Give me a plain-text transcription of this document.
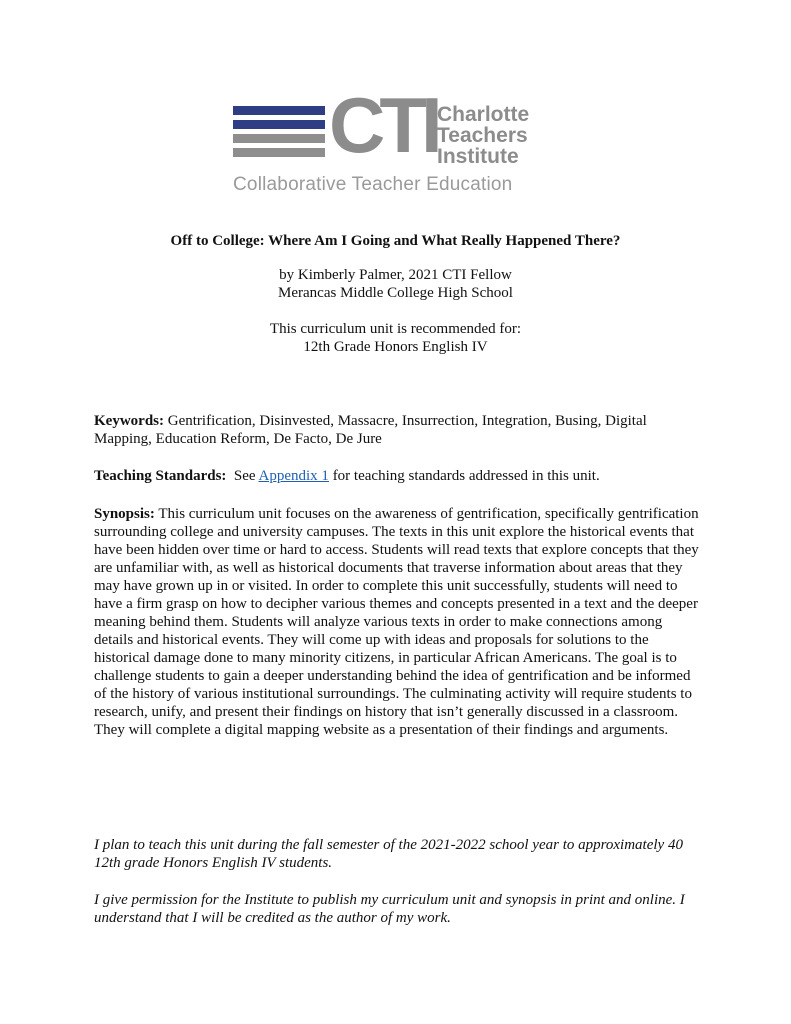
CTI Charlotte
Teachers
Institute
Collaborative Teacher Education
Off to College: Where Am I Going and What Really Happened There?
by Kimberly Palmer, 2021 CTI Fellow
Merancas Middle College High School
This curriculum unit is recommended for:
12th Grade Honors English IV

Keywords: Gentrification, Disinvested, Massacre, Insurrection, Integration, Busing, Digital Mapping, Education Reform, De Facto, De Jure

Teaching Standards: See Appendix 1 for teaching standards addressed in this unit.

Synopsis: This curriculum unit focuses on the awareness of gentrification, specifically gentrification surrounding college and university campuses. The texts in this unit explore the historical events that have been hidden over time or hard to access. Students will read texts that explore concepts that they are unfamiliar with, as well as historical documents that traverse information about areas that they may have grown up in or visited. In order to complete this unit successfully, students will need to have a firm grasp on how to decipher various themes and concepts presented in a text and the deeper meaning behind them. Students will analyze various texts in order to make connections among details and historical events. They will come up with ideas and proposals for solutions to the historical damage done to many minority citizens, in particular African Americans. The goal is to challenge students to gain a deeper understanding behind the idea of gentrification and be informed of the history of various institutional surroundings. The culminating activity will require students to research, unify, and present their findings on history that isn’t generally discussed in a classroom. They will complete a digital mapping website as a presentation of their findings and arguments.

I plan to teach this unit during the fall semester of the 2021-2022 school year to approximately 40 12th grade Honors English IV students.

I give permission for the Institute to publish my curriculum unit and synopsis in print and online. I understand that I will be credited as the author of my work.
